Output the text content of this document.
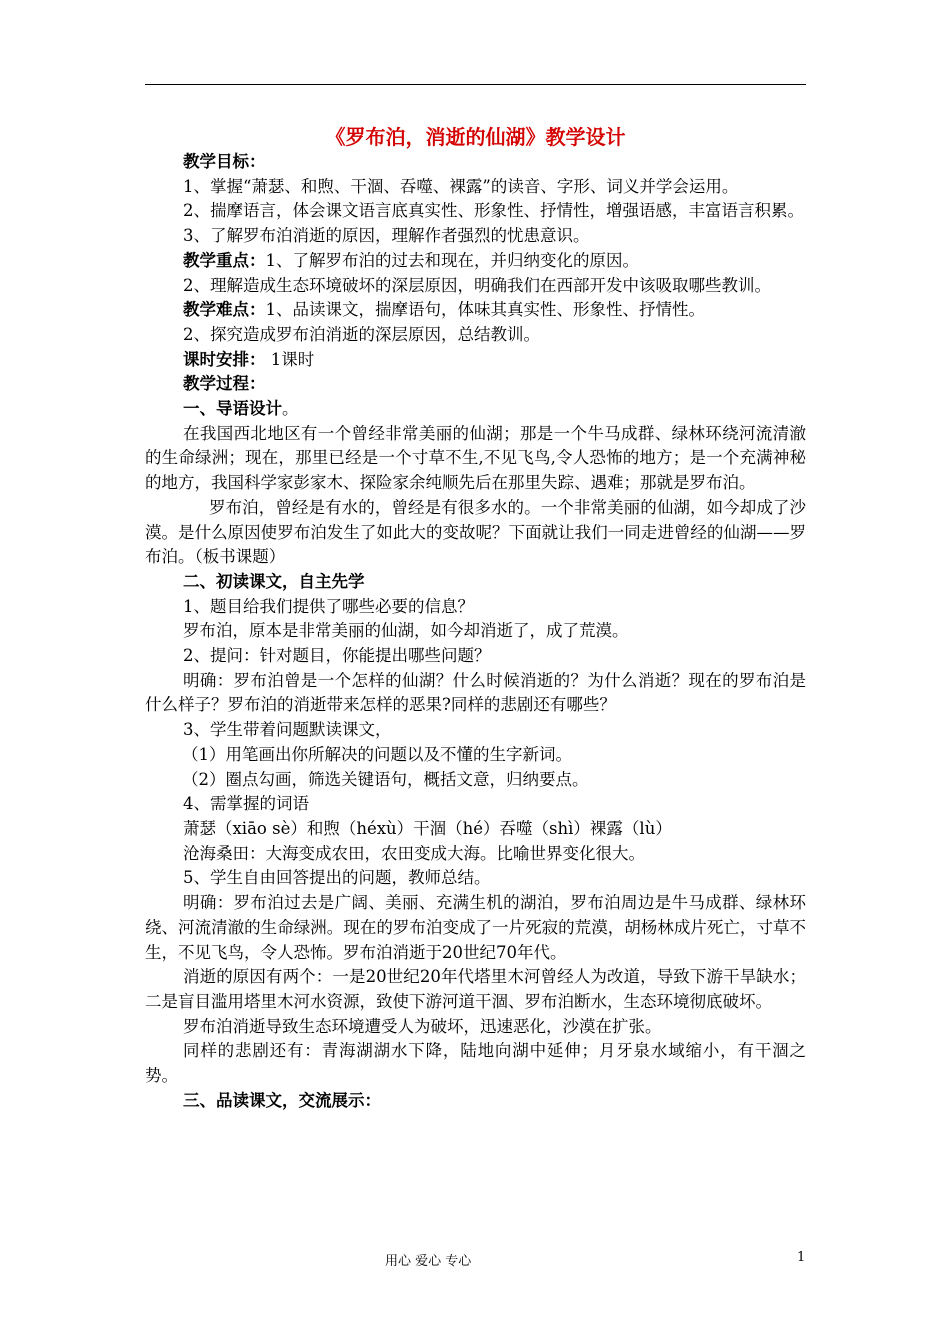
《罗布泊，消逝的仙湖》教学设计

教学目标：

1、掌握“萧瑟、和煦、干涸、吞噬、裸露”的读音、字形、词义并学会运用。

2、揣摩语言，体会课文语言底真实性、形象性、抒情性，增强语感，丰富语言积累。

3、了解罗布泊消逝的原因，理解作者强烈的忧患意识。

教学重点：1、了解罗布泊的过去和现在，并归纳变化的原因。

2、理解造成生态环境破坏的深层原因，明确我们在西部开发中该吸取哪些教训。

教学难点：1、品读课文，揣摩语句，体味其真实性、形象性、抒情性。

2、探究造成罗布泊消逝的深层原因，总结教训。

课时安排： 1课时

教学过程：

一、导语设计。

在我国西北地区有一个曾经非常美丽的仙湖；那是一个牛马成群、绿林环绕河流清澈的生命绿洲；现在，那里已经是一个寸草不生,不见飞鸟,令人恐怖的地方；是一个充满神秘的地方，我国科学家彭家木、探险家余纯顺先后在那里失踪、遇难；那就是罗布泊。

罗布泊，曾经是有水的，曾经是有很多水的。一个非常美丽的仙湖，如今却成了沙漠。是什么原因使罗布泊发生了如此大的变故呢？下面就让我们一同走进曾经的仙湖——罗布泊。（板书课题）

二、初读课文，自主先学

1、题目给我们提供了哪些必要的信息？

罗布泊，原本是非常美丽的仙湖，如今却消逝了，成了荒漠。

2、提问：针对题目，你能提出哪些问题？

明确：罗布泊曾是一个怎样的仙湖？什么时候消逝的？为什么消逝？现在的罗布泊是什么样子？罗布泊的消逝带来怎样的恶果?同样的悲剧还有哪些？

3、学生带着问题默读课文，

（1）用笔画出你所解决的问题以及不懂的生字新词。

（2）圈点勾画，筛选关键语句，概括文意，归纳要点。

4、需掌握的词语

萧瑟（xiāo sè）和煦（héxù）干涸（hé）吞噬（shì）裸露（lù）

沧海桑田：大海变成农田，农田变成大海。比喻世界变化很大。

5、学生自由回答提出的问题，教师总结。

明确：罗布泊过去是广阔、美丽、充满生机的湖泊，罗布泊周边是牛马成群、绿林环绕、河流清澈的生命绿洲。现在的罗布泊变成了一片死寂的荒漠，胡杨林成片死亡，寸草不生，不见飞鸟，令人恐怖。罗布泊消逝于20世纪70年代。

消逝的原因有两个：一是20世纪20年代塔里木河曾经人为改道，导致下游干旱缺水；二是盲目滥用塔里木河水资源，致使下游河道干涸、罗布泊断水，生态环境彻底破坏。

罗布泊消逝导致生态环境遭受人为破坏，迅速恶化，沙漠在扩张。

同样的悲剧还有：青海湖湖水下降，陆地向湖中延伸；月牙泉水域缩小，有干涸之势。

三、品读课文，交流展示：

用心 爱心 专心	1
